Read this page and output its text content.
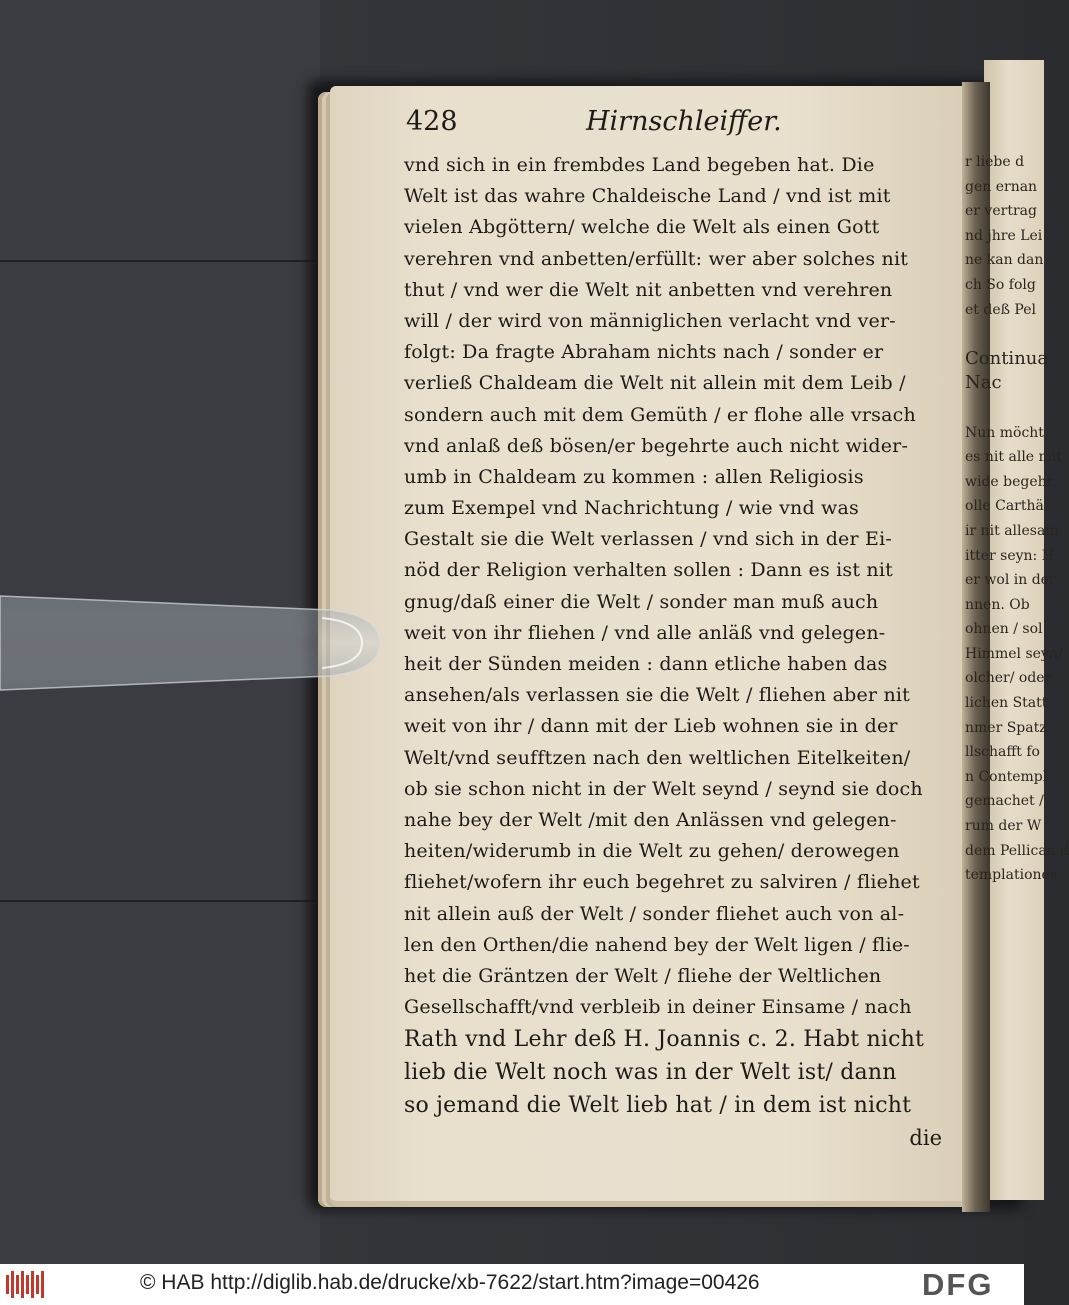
428	Hirnschleiffer.
vnd sich in ein frembdes Land begeben hat. Die
Welt ist das wahre Chaldeische Land / vnd ist mit
vielen Abgöttern/ welche die Welt als einen Gott
verehren vnd anbetten/erfüllt: wer aber solches nit
thut / vnd wer die Welt nit anbetten vnd verehren
will / der wird von männiglichen verlacht vnd ver-
folgt: Da fragte Abraham nichts nach / sonder er
verließ Chaldeam die Welt nit allein mit dem Leib /
sondern auch mit dem Gemüth / er flohe alle vrsach
vnd anlaß deß bösen/er begehrte auch nicht wider-
umb in Chaldeam zu kommen : allen Religiosis
zum Exempel vnd Nachrichtung / wie vnd was
Gestalt sie die Welt verlassen / vnd sich in der Ei-
nöd der Religion verhalten sollen : Dann es ist nit
gnug/daß einer die Welt / sonder man muß auch
weit von ihr fliehen / vnd alle anläß vnd gelegen-
heit der Sünden meiden : dann etliche haben das
ansehen/als verlassen sie die Welt / fliehen aber nit
weit von ihr / dann mit der Lieb wohnen sie in der
Welt/vnd seufftzen nach den weltlichen Eitelkeiten/
ob sie schon nicht in der Welt seynd / seynd sie doch
nahe bey der Welt /mit den Anlässen vnd gelegen-
heiten/widerumb in die Welt zu gehen/ derowegen
fliehet/wofern ihr euch begehret zu salviren / fliehet
nit allein auß der Welt / sonder fliehet auch von al-
len den Orthen/die nahend bey der Welt ligen / flie-
het die Gräntzen der Welt / fliehe der Weltlichen
Gesellschafft/vnd verbleib in deiner Einsame / nach
Rath vnd Lehr deß H. Joannis c. 2. Habt nicht
lieb die Welt noch was in der Welt ist/ dann
so jemand die Welt lieb hat / in dem ist nicht
die
r liebe d
gen ernan
er vertrag
nd jhre Lei
ne kan dan
ch So folg
et deß Pel
Continua
Nac
Nun möcht
es nit alle mit
wide begehr
olle Carthä
ir nit allesam
itter seyn: H
er wol in der
nnen. Ob
ohnen / sol
Himmel seyn/
olcher/ oder
lichen Statt
nmer Spatz
llschafft fo
n Contempl
gemachet /
rum der W
dem Pellican d
templationes
© HAB http://diglib.hab.de/drucke/xb-7622/start.htm?image=00426	DFG
